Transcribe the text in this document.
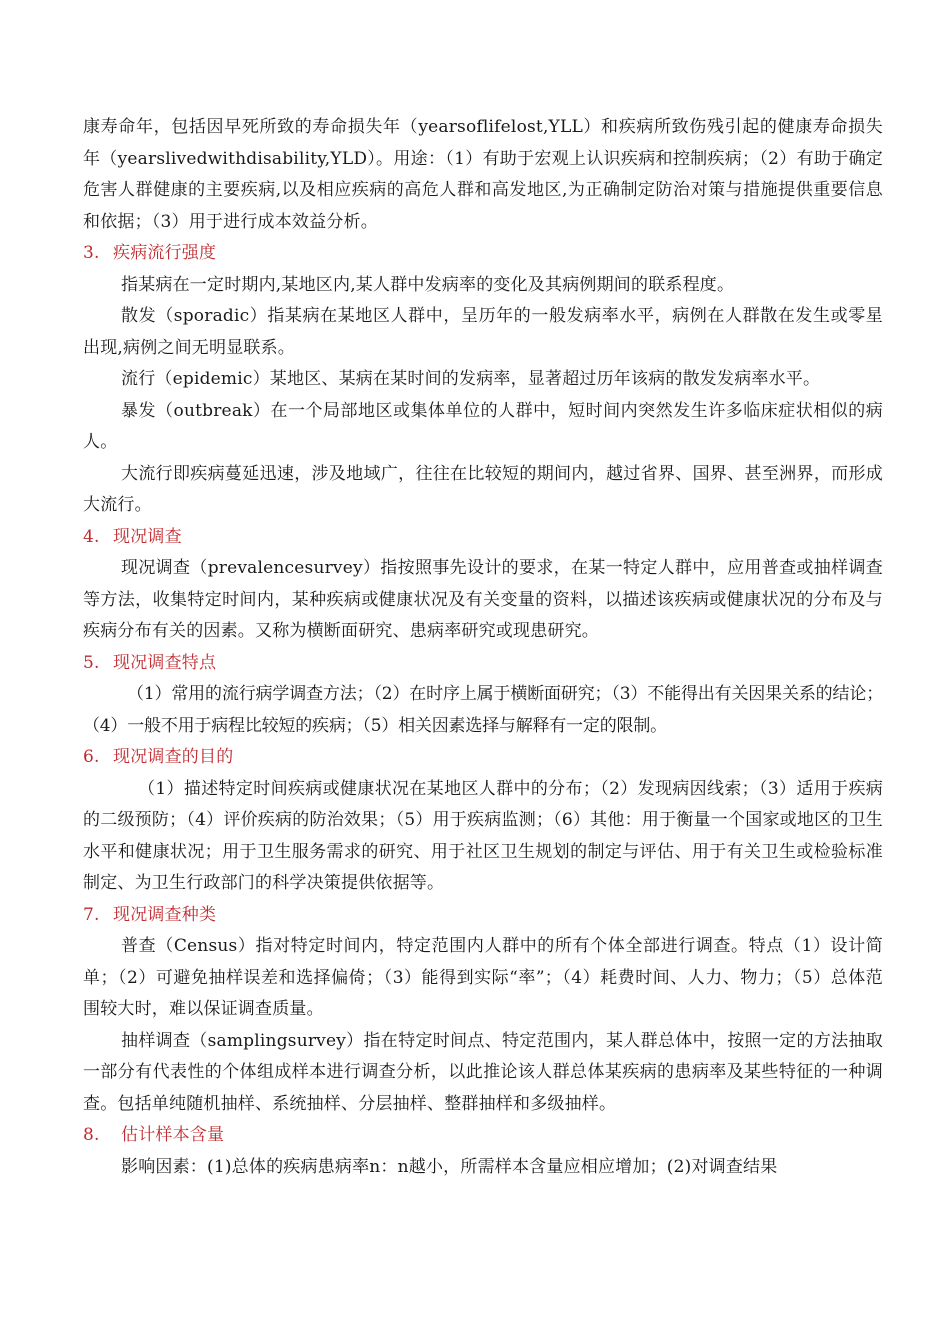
康寿命年，包括因早死所致的寿命损失年（yearsoflifelost,YLL）和疾病所致伤残引起的健康寿命损失年（yearslivedwithdisability,YLD）。用途：（1）有助于宏观上认识疾病和控制疾病；（2）有助于确定危害人群健康的主要疾病,以及相应疾病的高危人群和高发地区,为正确制定防治对策与措施提供重要信息和依据；（3）用于进行成本效益分析。

3. 疾病流行强度

指某病在一定时期内,某地区内,某人群中发病率的变化及其病例期间的联系程度。

散发（sporadic）指某病在某地区人群中，呈历年的一般发病率水平，病例在人群散在发生或零星出现,病例之间无明显联系。

流行（epidemic）某地区、某病在某时间的发病率，显著超过历年该病的散发发病率水平。

暴发（outbreak）在一个局部地区或集体单位的人群中，短时间内突然发生许多临床症状相似的病人。

大流行即疾病蔓延迅速，涉及地域广，往往在比较短的期间内，越过省界、国界、甚至洲界，而形成大流行。

4. 现况调查

现况调查（prevalencesurvey）指按照事先设计的要求，在某一特定人群中，应用普查或抽样调查等方法，收集特定时间内，某种疾病或健康状况及有关变量的资料，以描述该疾病或健康状况的分布及与疾病分布有关的因素。又称为横断面研究、患病率研究或现患研究。

5. 现况调查特点

（1）常用的流行病学调查方法；（2）在时序上属于横断面研究；（3）不能得出有关因果关系的结论；（4）一般不用于病程比较短的疾病；（5）相关因素选择与解释有一定的限制。

6. 现况调查的目的

（1）描述特定时间疾病或健康状况在某地区人群中的分布；（2）发现病因线索；（3）适用于疾病的二级预防；（4）评价疾病的防治效果；（5）用于疾病监测；（6）其他：用于衡量一个国家或地区的卫生水平和健康状况；用于卫生服务需求的研究、用于社区卫生规划的制定与评估、用于有关卫生或检验标准制定、为卫生行政部门的科学决策提供依据等。

7. 现况调查种类

普查（Census）指对特定时间内，特定范围内人群中的所有个体全部进行调查。特点（1）设计简单；（2）可避免抽样误差和选择偏倚；（3）能得到实际“率”；（4）耗费时间、人力、物力；（5）总体范围较大时，难以保证调查质量。

抽样调查（samplingsurvey）指在特定时间点、特定范围内，某人群总体中，按照一定的方法抽取一部分有代表性的个体组成样本进行调查分析，以此推论该人群总体某疾病的患病率及某些特征的一种调查。包括单纯随机抽样、系统抽样、分层抽样、整群抽样和多级抽样。

8. 估计样本含量

影响因素：(1)总体的疾病患病率n：n越小，所需样本含量应相应增加；(2)对调查结果
